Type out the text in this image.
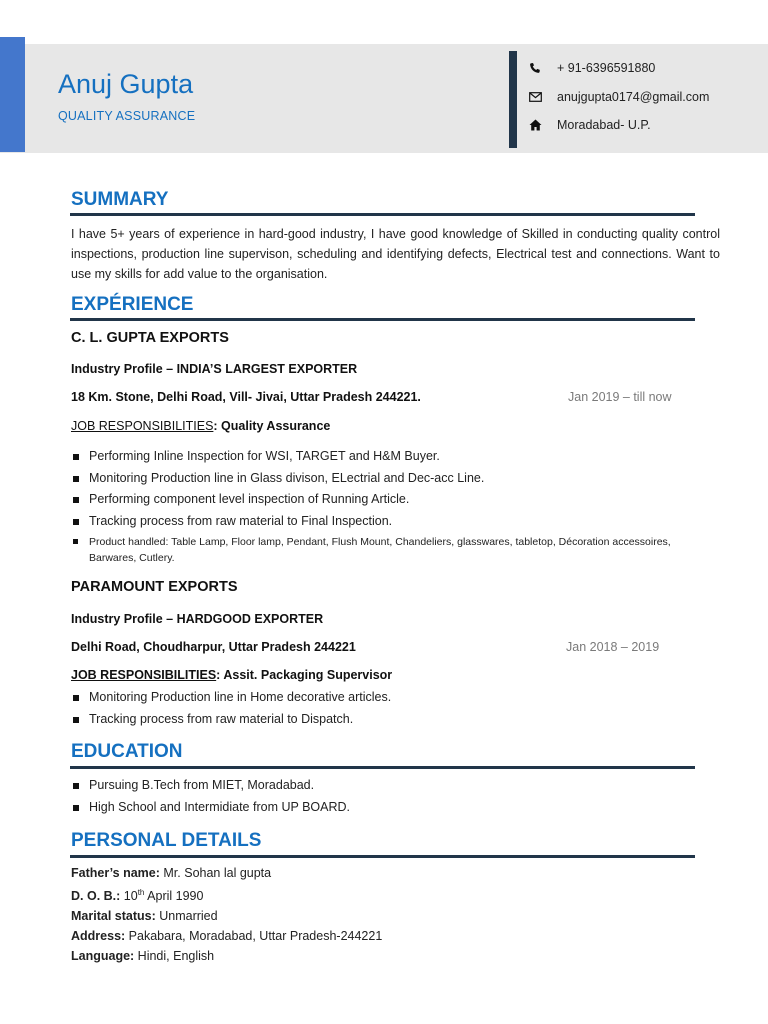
Anuj Gupta
QUALITY ASSURANCE
+ 91-6396591880
anujgupta0174@gmail.com
Moradabad- U.P.
SUMMARY

I have 5+ years of experience in hard-good industry, I have good knowledge of Skilled in conducting quality control inspections, production line supervison, scheduling and identifying defects, Electrical test and connections. Want to use my skills for add value to the organisation.

EXPÉRIENCE
C. L. GUPTA EXPORTS
Industry Profile – INDIA’S LARGEST EXPORTER
18 Km. Stone, Delhi Road, Vill- Jivai, Uttar Pradesh 244221.	Jan 2019 – till now
JOB RESPONSIBILITIES: Quality Assurance
Performing Inline Inspection for WSI, TARGET and H&M Buyer.
Monitoring Production line in Glass divison, ELectrial and Dec-acc Line.
Performing component level inspection of Running Article.
Tracking process from raw material to Final Inspection.
Product handled: Table Lamp, Floor lamp, Pendant, Flush Mount, Chandeliers, glasswares, tabletop, Décoration accessoires, Barwares, Cutlery.
PARAMOUNT EXPORTS
Industry Profile – HARDGOOD EXPORTER
Delhi Road, Choudharpur, Uttar Pradesh 244221	Jan 2018 – 2019
JOB RESPONSIBILITIES: Assit. Packaging Supervisor
Monitoring Production line in Home decorative articles.
Tracking process from raw material to Dispatch.
EDUCATION
Pursuing B.Tech from MIET, Moradabad.
High School and Intermidiate from UP BOARD.
PERSONAL DETAILS
Father’s name: Mr. Sohan lal gupta
D. O. B.: 10th April 1990
Marital status: Unmarried
Address: Pakabara, Moradabad, Uttar Pradesh-244221
Language: Hindi, English
